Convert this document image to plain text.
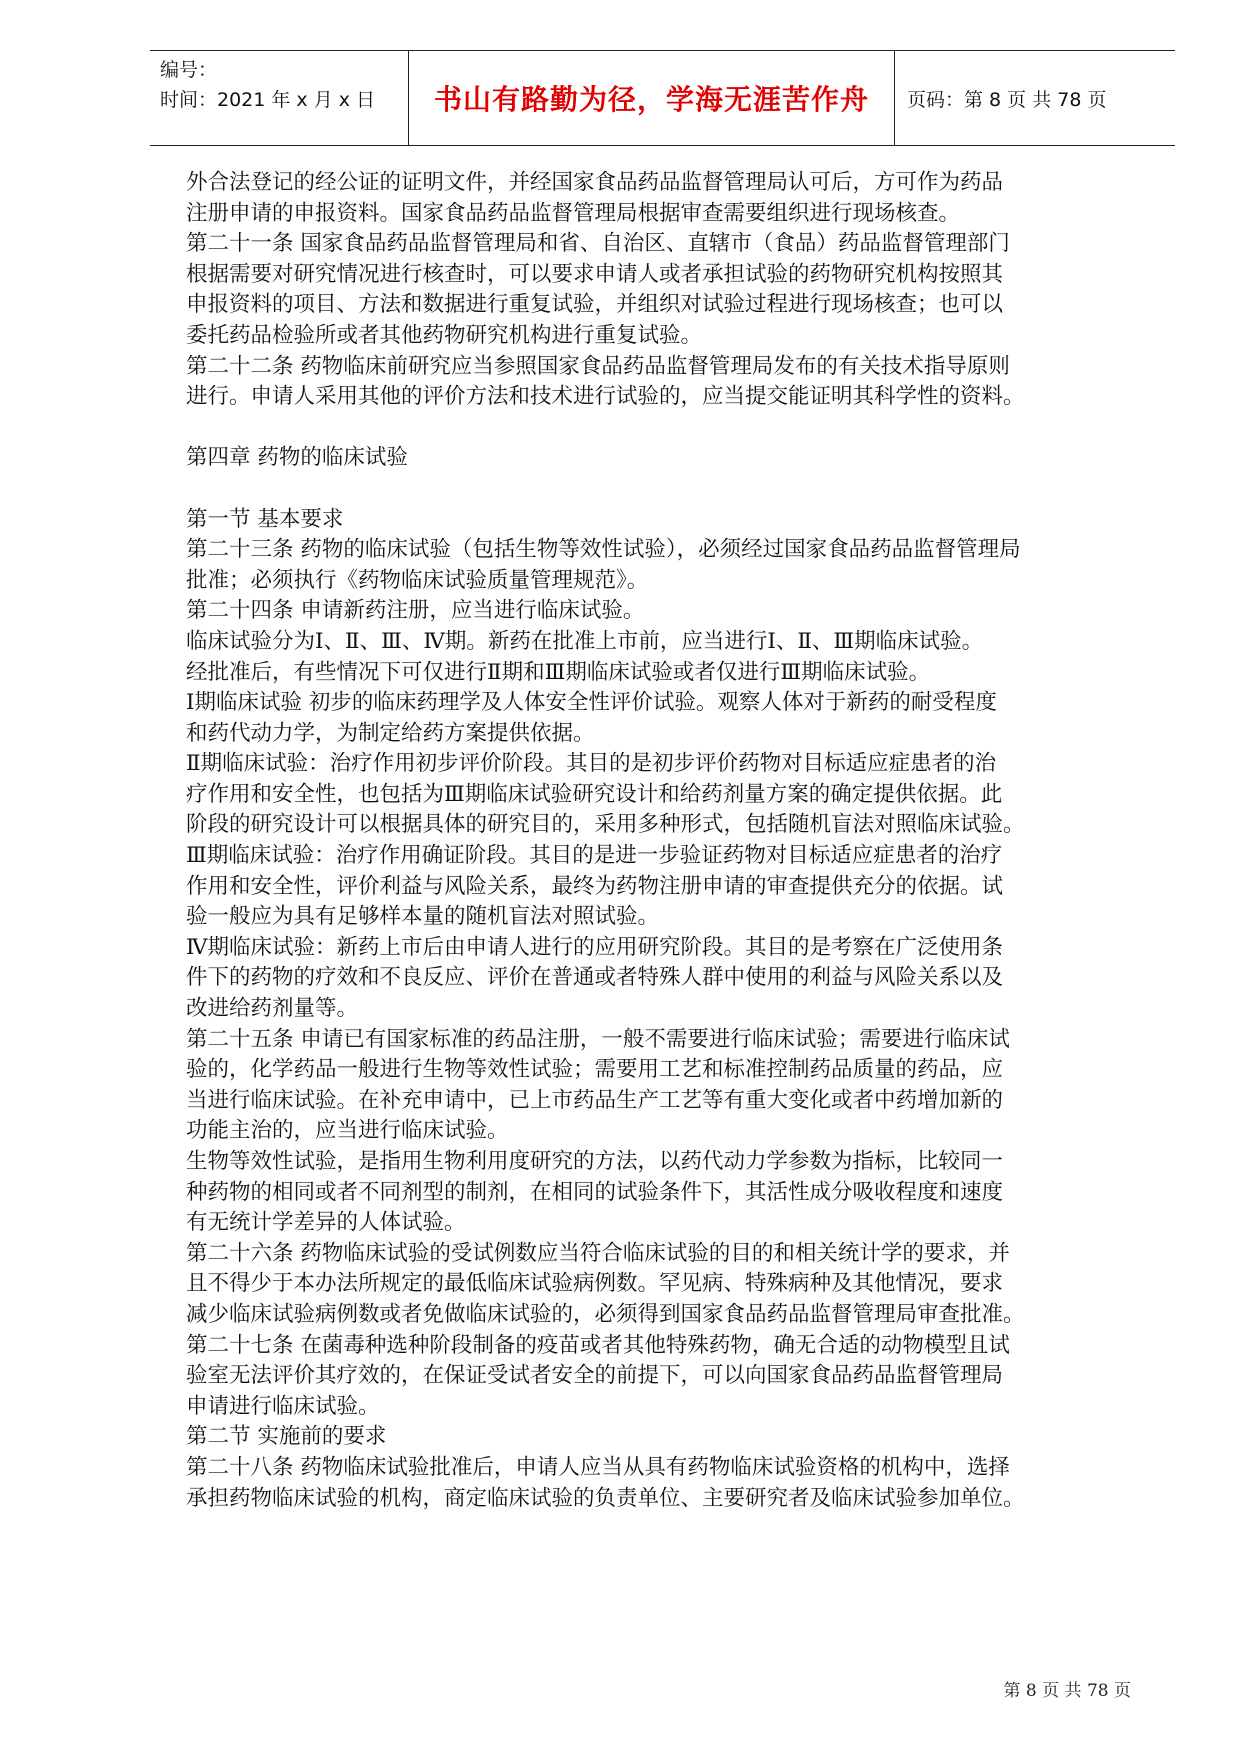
编号：
时间：2021 年 x 月 x 日	书山有路勤为径，学海无涯苦作舟	页码：第 8 页 共 78 页
外合法登记的经公证的证明文件，并经国家食品药品监督管理局认可后，方可作为药品
注册申请的申报资料。国家食品药品监督管理局根据审查需要组织进行现场核查。
第二十一条 国家食品药品监督管理局和省、自治区、直辖市（食品）药品监督管理部门
根据需要对研究情况进行核查时，可以要求申请人或者承担试验的药物研究机构按照其
申报资料的项目、方法和数据进行重复试验，并组织对试验过程进行现场核查；也可以
委托药品检验所或者其他药物研究机构进行重复试验。
第二十二条 药物临床前研究应当参照国家食品药品监督管理局发布的有关技术指导原则
进行。申请人采用其他的评价方法和技术进行试验的，应当提交能证明其科学性的资料。
第四章 药物的临床试验
第一节 基本要求
第二十三条 药物的临床试验（包括生物等效性试验），必须经过国家食品药品监督管理局
批准；必须执行《药物临床试验质量管理规范》。
第二十四条 申请新药注册，应当进行临床试验。
临床试验分为Ⅰ、Ⅱ、Ⅲ、Ⅳ期。新药在批准上市前，应当进行Ⅰ、Ⅱ、Ⅲ期临床试验。
经批准后，有些情况下可仅进行Ⅱ期和Ⅲ期临床试验或者仅进行Ⅲ期临床试验。
Ⅰ期临床试验 初步的临床药理学及人体安全性评价试验。观察人体对于新药的耐受程度
和药代动力学，为制定给药方案提供依据。
Ⅱ期临床试验：治疗作用初步评价阶段。其目的是初步评价药物对目标适应症患者的治
疗作用和安全性，也包括为Ⅲ期临床试验研究设计和给药剂量方案的确定提供依据。此
阶段的研究设计可以根据具体的研究目的，采用多种形式，包括随机盲法对照临床试验。
Ⅲ期临床试验：治疗作用确证阶段。其目的是进一步验证药物对目标适应症患者的治疗
作用和安全性，评价利益与风险关系，最终为药物注册申请的审查提供充分的依据。试
验一般应为具有足够样本量的随机盲法对照试验。
Ⅳ期临床试验：新药上市后由申请人进行的应用研究阶段。其目的是考察在广泛使用条
件下的药物的疗效和不良反应、评价在普通或者特殊人群中使用的利益与风险关系以及
改进给药剂量等。
第二十五条 申请已有国家标准的药品注册，一般不需要进行临床试验；需要进行临床试
验的，化学药品一般进行生物等效性试验；需要用工艺和标准控制药品质量的药品，应
当进行临床试验。在补充申请中，已上市药品生产工艺等有重大变化或者中药增加新的
功能主治的，应当进行临床试验。
生物等效性试验，是指用生物利用度研究的方法，以药代动力学参数为指标，比较同一
种药物的相同或者不同剂型的制剂，在相同的试验条件下，其活性成分吸收程度和速度
有无统计学差异的人体试验。
第二十六条 药物临床试验的受试例数应当符合临床试验的目的和相关统计学的要求，并
且不得少于本办法所规定的最低临床试验病例数。罕见病、特殊病种及其他情况，要求
减少临床试验病例数或者免做临床试验的，必须得到国家食品药品监督管理局审查批准。
第二十七条 在菌毒种选种阶段制备的疫苗或者其他特殊药物，确无合适的动物模型且试
验室无法评价其疗效的，在保证受试者安全的前提下，可以向国家食品药品监督管理局
申请进行临床试验。
第二节 实施前的要求
第二十八条 药物临床试验批准后，申请人应当从具有药物临床试验资格的机构中，选择
承担药物临床试验的机构，商定临床试验的负责单位、主要研究者及临床试验参加单位。
第 8 页 共 78 页
